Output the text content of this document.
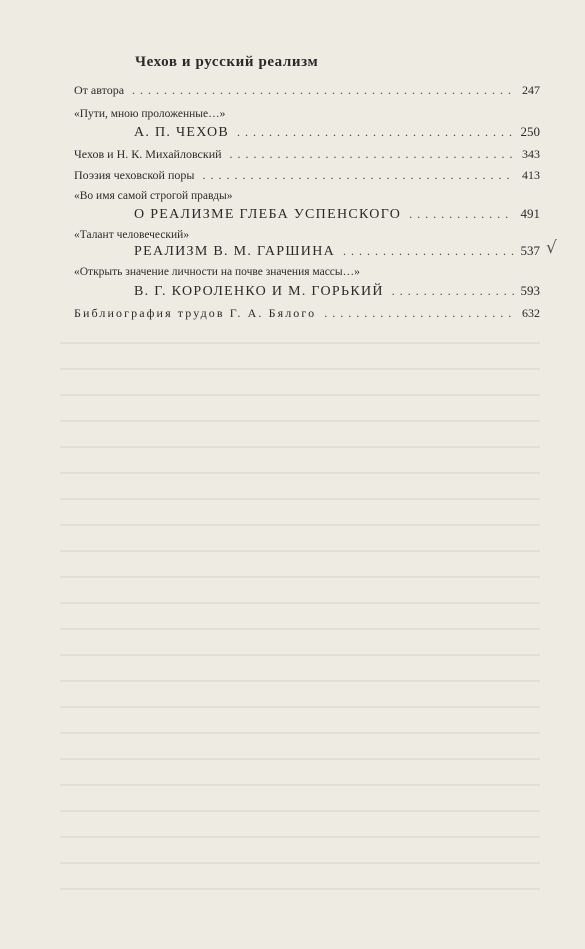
Чехов и русский реализм
От автора . . .	247
«Пути, мною проложенные…»
А. П. ЧЕХОВ . . .	250
Чехов и Н. К. Михайловский . . .	343
Поэзия чеховской поры . . .	413
«Во имя самой строгой правды»
О РЕАЛИЗМЕ ГЛЕБА УСПЕНСКОГО . . .	491
«Талант человеческий»
РЕАЛИЗМ В. М. ГАРШИНА . . .	537 √
«Открыть значение личности на почве значения массы…»
В. Г. КОРОЛЕНКО И М. ГОРЬКИЙ . . .	593
Библиография трудов Г. А. Бялого . . .	632
